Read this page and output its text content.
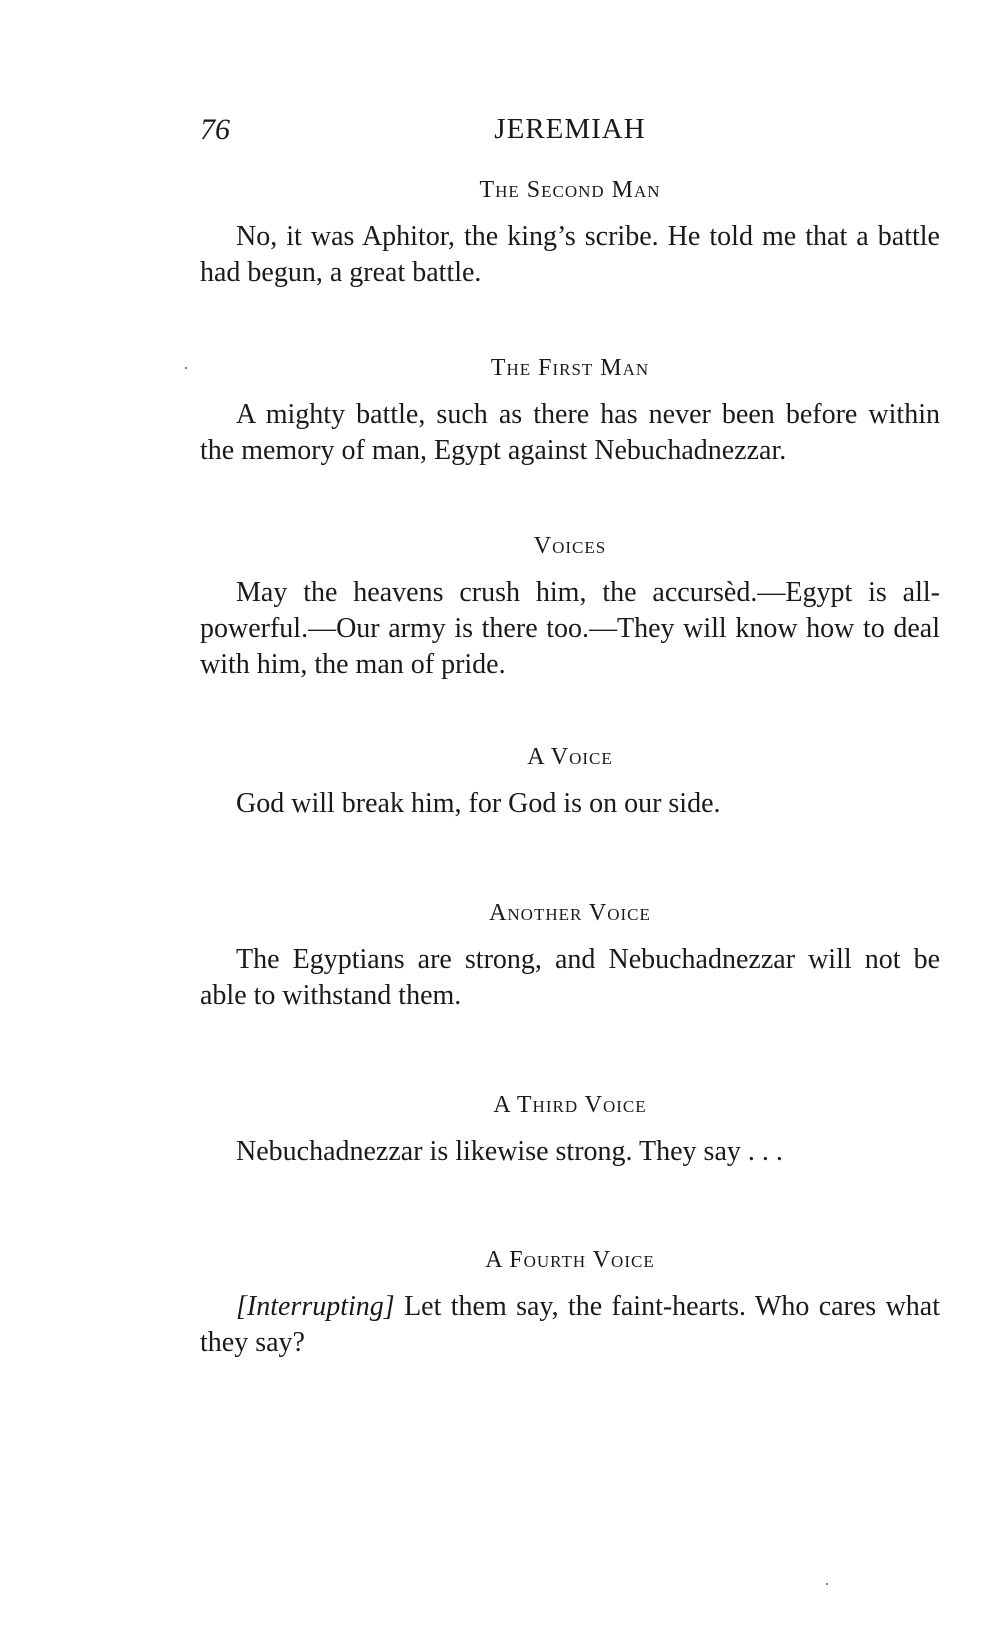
76	JEREMIAH
The Second Man

No, it was Aphitor, the king’s scribe. He told me that a battle had begun, a great battle.

The First Man

A mighty battle, such as there has never been before within the memory of man, Egypt against Nebuchadnezzar.

Voices

May the heavens crush him, the accursèd.—Egypt is all-powerful.—Our army is there too.—They will know how to deal with him, the man of pride.

A Voice

God will break him, for God is on our side.

Another Voice

The Egyptians are strong, and Nebuchadnezzar will not be able to withstand them.

A Third Voice

Nebuchadnezzar is likewise strong. They say . . .

A Fourth Voice

[Interrupting] Let them say, the faint-hearts. Who cares what they say?
